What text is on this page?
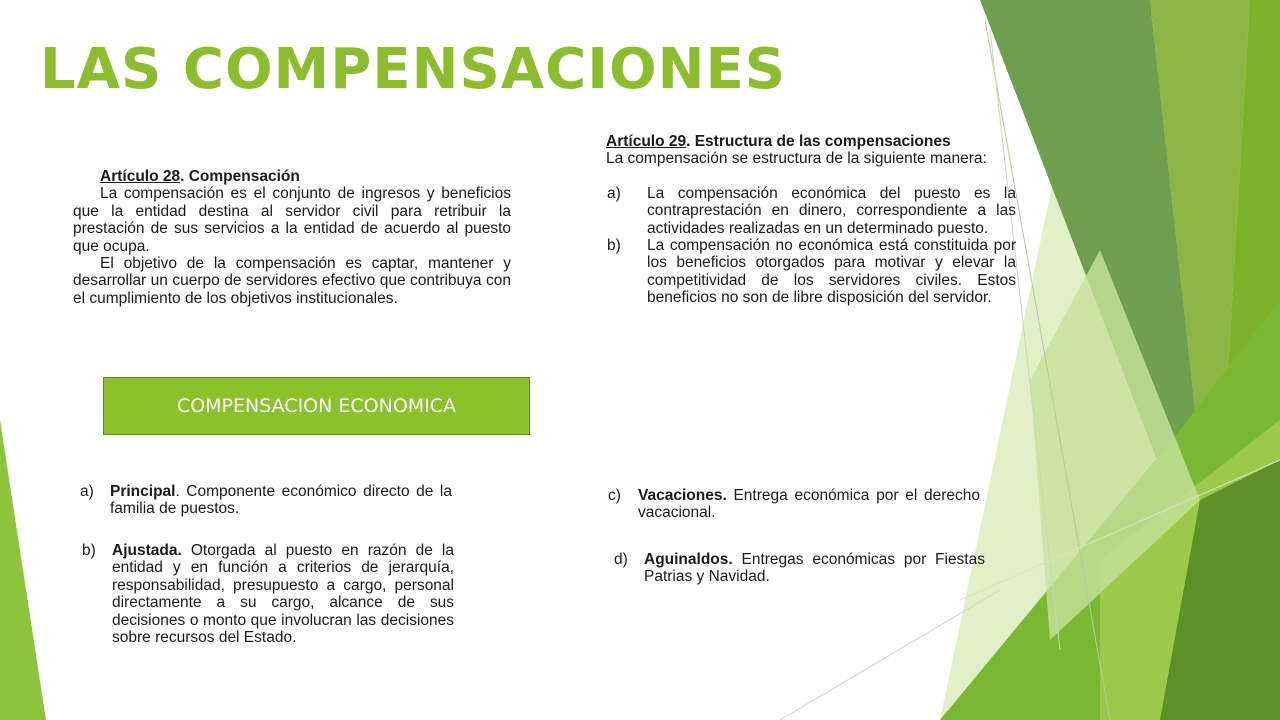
LAS COMPENSACIONES

Artículo 28. Compensación

La compensación es el conjunto de ingresos y beneficios que la entidad destina al servidor civil para retribuir la prestación de sus servicios a la entidad de acuerdo al puesto que ocupa.

El objetivo de la compensación es captar, mantener y desarrollar un cuerpo de servidores efectivo que contribuya con el cumplimiento de los objetivos institucionales.

Artículo 29. Estructura de las compensaciones

La compensación se estructura de la siguiente manera:

a)	La compensación económica del puesto es la contraprestación en dinero, correspondiente a las actividades realizadas en un determinado puesto.
b)	La compensación no económica está constituida por los beneficios otorgados para motivar y elevar la competitividad de los servidores civiles. Estos beneficios no son de libre disposición del servidor.
COMPENSACION ECONOMICA
a)	Principal. Componente económico directo de la familia de puestos.
b)	Ajustada. Otorgada al puesto en razón de la entidad y en función a criterios de jerarquía, responsabilidad, presupuesto a cargo, personal directamente a su cargo, alcance de sus decisiones o monto que involucran las decisiones sobre recursos del Estado.
c)	Vacaciones. Entrega económica por el derecho vacacional.
d)	Aguinaldos. Entregas económicas por Fiestas Patrias y Navidad.
